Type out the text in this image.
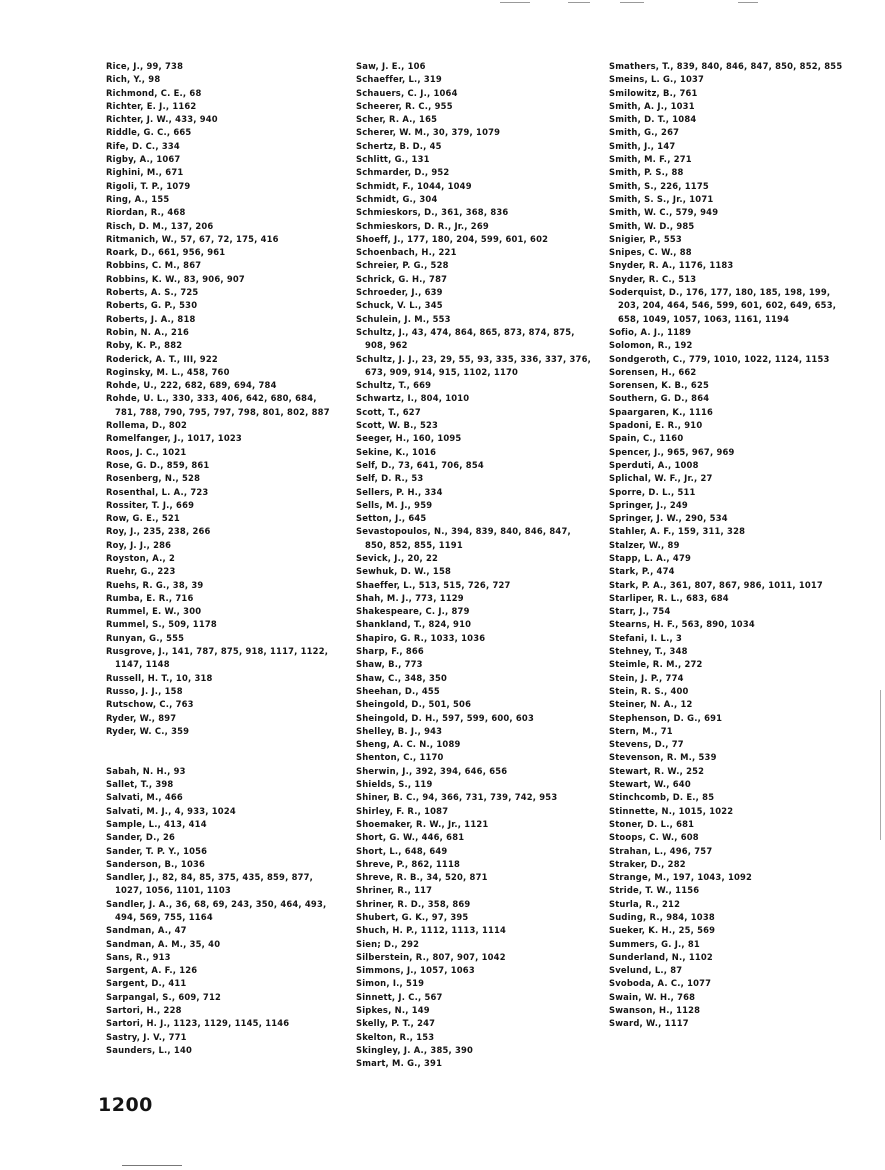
Rice, J., 99, 738
Rich, Y., 98
Richmond, C. E., 68
Richter, E. J., 1162
Richter, J. W., 433, 940
Riddle, G. C., 665
Rife, D. C., 334
Rigby, A., 1067
Righini, M., 671
Rigoli, T. P., 1079
Ring, A., 155
Riordan, R., 468
Risch, D. M., 137, 206
Ritmanich, W., 57, 67, 72, 175, 416
Roark, D., 661, 956, 961
Robbins, C. M., 867
Robbins, K. W., 83, 906, 907
Roberts, A. S., 725
Roberts, G. P., 530
Roberts, J. A., 818
Robin, N. A., 216
Roby, K. P., 882
Roderick, A. T., III, 922
Roginsky, M. L., 458, 760
Rohde, U., 222, 682, 689, 694, 784
Rohde, U. L., 330, 333, 406, 642, 680, 684, 781, 788, 790, 795, 797, 798, 801, 802, 887
Rollema, D., 802
Romelfanger, J., 1017, 1023
Roos, J. C., 1021
Rose, G. D., 859, 861
Rosenberg, N., 528
Rosenthal, L. A., 723
Rossiter, T. J., 669
Row, G. E., 521
Roy, J., 235, 238, 266
Roy, J. J., 286
Royston, A., 2
Ruehr, G., 223
Ruehs, R. G., 38, 39
Rumba, E. R., 716
Rummel, E. W., 300
Rummel, S., 509, 1178
Runyan, G., 555
Rusgrove, J., 141, 787, 875, 918, 1117, 1122, 1147, 1148
Russell, H. T., 10, 318
Russo, J. J., 158
Rutschow, C., 763
Ryder, W., 897
Ryder, W. C., 359
Sabah, N. H., 93
Sallet, T., 398
Salvati, M., 466
Salvati, M. J., 4, 933, 1024
Sample, L., 413, 414
Sander, D., 26
Sander, T. P. Y., 1056
Sanderson, B., 1036
Sandler, J., 82, 84, 85, 375, 435, 859, 877, 1027, 1056, 1101, 1103
Sandler, J. A., 36, 68, 69, 243, 350, 464, 493, 494, 569, 755, 1164
Sandman, A., 47
Sandman, A. M., 35, 40
Sans, R., 913
Sargent, A. F., 126
Sargent, D., 411
Sarpangal, S., 609, 712
Sartori, H., 228
Sartori, H. J., 1123, 1129, 1145, 1146
Sastry, J. V., 771
Saunders, L., 140
Saw, J. E., 106
Schaeffer, L., 319
Schauers, C. J., 1064
Scheerer, R. C., 955
Scher, R. A., 165
Scherer, W. M., 30, 379, 1079
Schertz, B. D., 45
Schlitt, G., 131
Schmarder, D., 952
Schmidt, F., 1044, 1049
Schmidt, G., 304
Schmieskors, D., 361, 368, 836
Schmieskors, D. R., Jr., 269
Shoeff, J., 177, 180, 204, 599, 601, 602
Schoenbach, H., 221
Schreier, P. G., 528
Schrick, G. H., 787
Schroeder, J., 639
Schuck, V. L., 345
Schulein, J. M., 553
Schultz, J., 43, 474, 864, 865, 873, 874, 875, 908, 962
Schultz, J. J., 23, 29, 55, 93, 335, 336, 337, 376, 673, 909, 914, 915, 1102, 1170
Schultz, T., 669
Schwartz, I., 804, 1010
Scott, T., 627
Scott, W. B., 523
Seeger, H., 160, 1095
Sekine, K., 1016
Self, D., 73, 641, 706, 854
Self, D. R., 53
Sellers, P. H., 334
Sells, M. J., 959
Setton, J., 645
Sevastopoulos, N., 394, 839, 840, 846, 847, 850, 852, 855, 1191
Sevick, J., 20, 22
Sewhuk, D. W., 158
Shaeffer, L., 513, 515, 726, 727
Shah, M. J., 773, 1129
Shakespeare, C. J., 879
Shankland, T., 824, 910
Shapiro, G. R., 1033, 1036
Sharp, F., 866
Shaw, B., 773
Shaw, C., 348, 350
Sheehan, D., 455
Sheingold, D., 501, 506
Sheingold, D. H., 597, 599, 600, 603
Shelley, B. J., 943
Sheng, A. C. N., 1089
Shenton, C., 1170
Sherwin, J., 392, 394, 646, 656
Shields, S., 119
Shiner, B. C., 94, 366, 731, 739, 742, 953
Shirley, F. R., 1087
Shoemaker, R. W., Jr., 1121
Short, G. W., 446, 681
Short, L., 648, 649
Shreve, P., 862, 1118
Shreve, R. B., 34, 520, 871
Shriner, R., 117
Shriner, R. D., 358, 869
Shubert, G. K., 97, 395
Shuch, H. P., 1112, 1113, 1114
Sien; D., 292
Silberstein, R., 807, 907, 1042
Simmons, J., 1057, 1063
Simon, I., 519
Sinnett, J. C., 567
Sipkes, N., 149
Skelly, P. T., 247
Skelton, R., 153
Skingley, J. A., 385, 390
Smart, M. G., 391
Smathers, T., 839, 840, 846, 847, 850, 852, 855
Smeins, L. G., 1037
Smilowitz, B., 761
Smith, A. J., 1031
Smith, D. T., 1084
Smith, G., 267
Smith, J., 147
Smith, M. F., 271
Smith, P. S., 88
Smith, S., 226, 1175
Smith, S. S., Jr., 1071
Smith, W. C., 579, 949
Smith, W. D., 985
Snigier, P., 553
Snipes, C. W., 88
Snyder, R. A., 1176, 1183
Snyder, R. C., 513
Soderquist, D., 176, 177, 180, 185, 198, 199, 203, 204, 464, 546, 599, 601, 602, 649, 653, 658, 1049, 1057, 1063, 1161, 1194
Sofio, A. J., 1189
Solomon, R., 192
Sondgeroth, C., 779, 1010, 1022, 1124, 1153
Sorensen, H., 662
Sorensen, K. B., 625
Southern, G. D., 864
Spaargaren, K., 1116
Spadoni, E. R., 910
Spain, C., 1160
Spencer, J., 965, 967, 969
Sperduti, A., 1008
Splichal, W. F., Jr., 27
Sporre, D. L., 511
Springer, J., 249
Springer, J. W., 290, 534
Stahler, A. F., 159, 311, 328
Stalzer, W., 89
Stapp, L. A., 479
Stark, P., 474
Stark, P. A., 361, 807, 867, 986, 1011, 1017
Starliper, R. L., 683, 684
Starr, J., 754
Stearns, H. F., 563, 890, 1034
Stefani, I. L., 3
Stehney, T., 348
Steimle, R. M., 272
Stein, J. P., 774
Stein, R. S., 400
Steiner, N. A., 12
Stephenson, D. G., 691
Stern, M., 71
Stevens, D., 77
Stevenson, R. M., 539
Stewart, R. W., 252
Stewart, W., 640
Stinchcomb, D. E., 85
Stinnette, N., 1015, 1022
Stoner, D. L., 681
Stoops, C. W., 608
Strahan, L., 496, 757
Straker, D., 282
Strange, M., 197, 1043, 1092
Stride, T. W., 1156
Sturla, R., 212
Suding, R., 984, 1038
Sueker, K. H., 25, 569
Summers, G. J., 81
Sunderland, N., 1102
Svelund, L., 87
Svoboda, A. C., 1077
Swain, W. H., 768
Swanson, H., 1128
Sward, W., 1117
1200
